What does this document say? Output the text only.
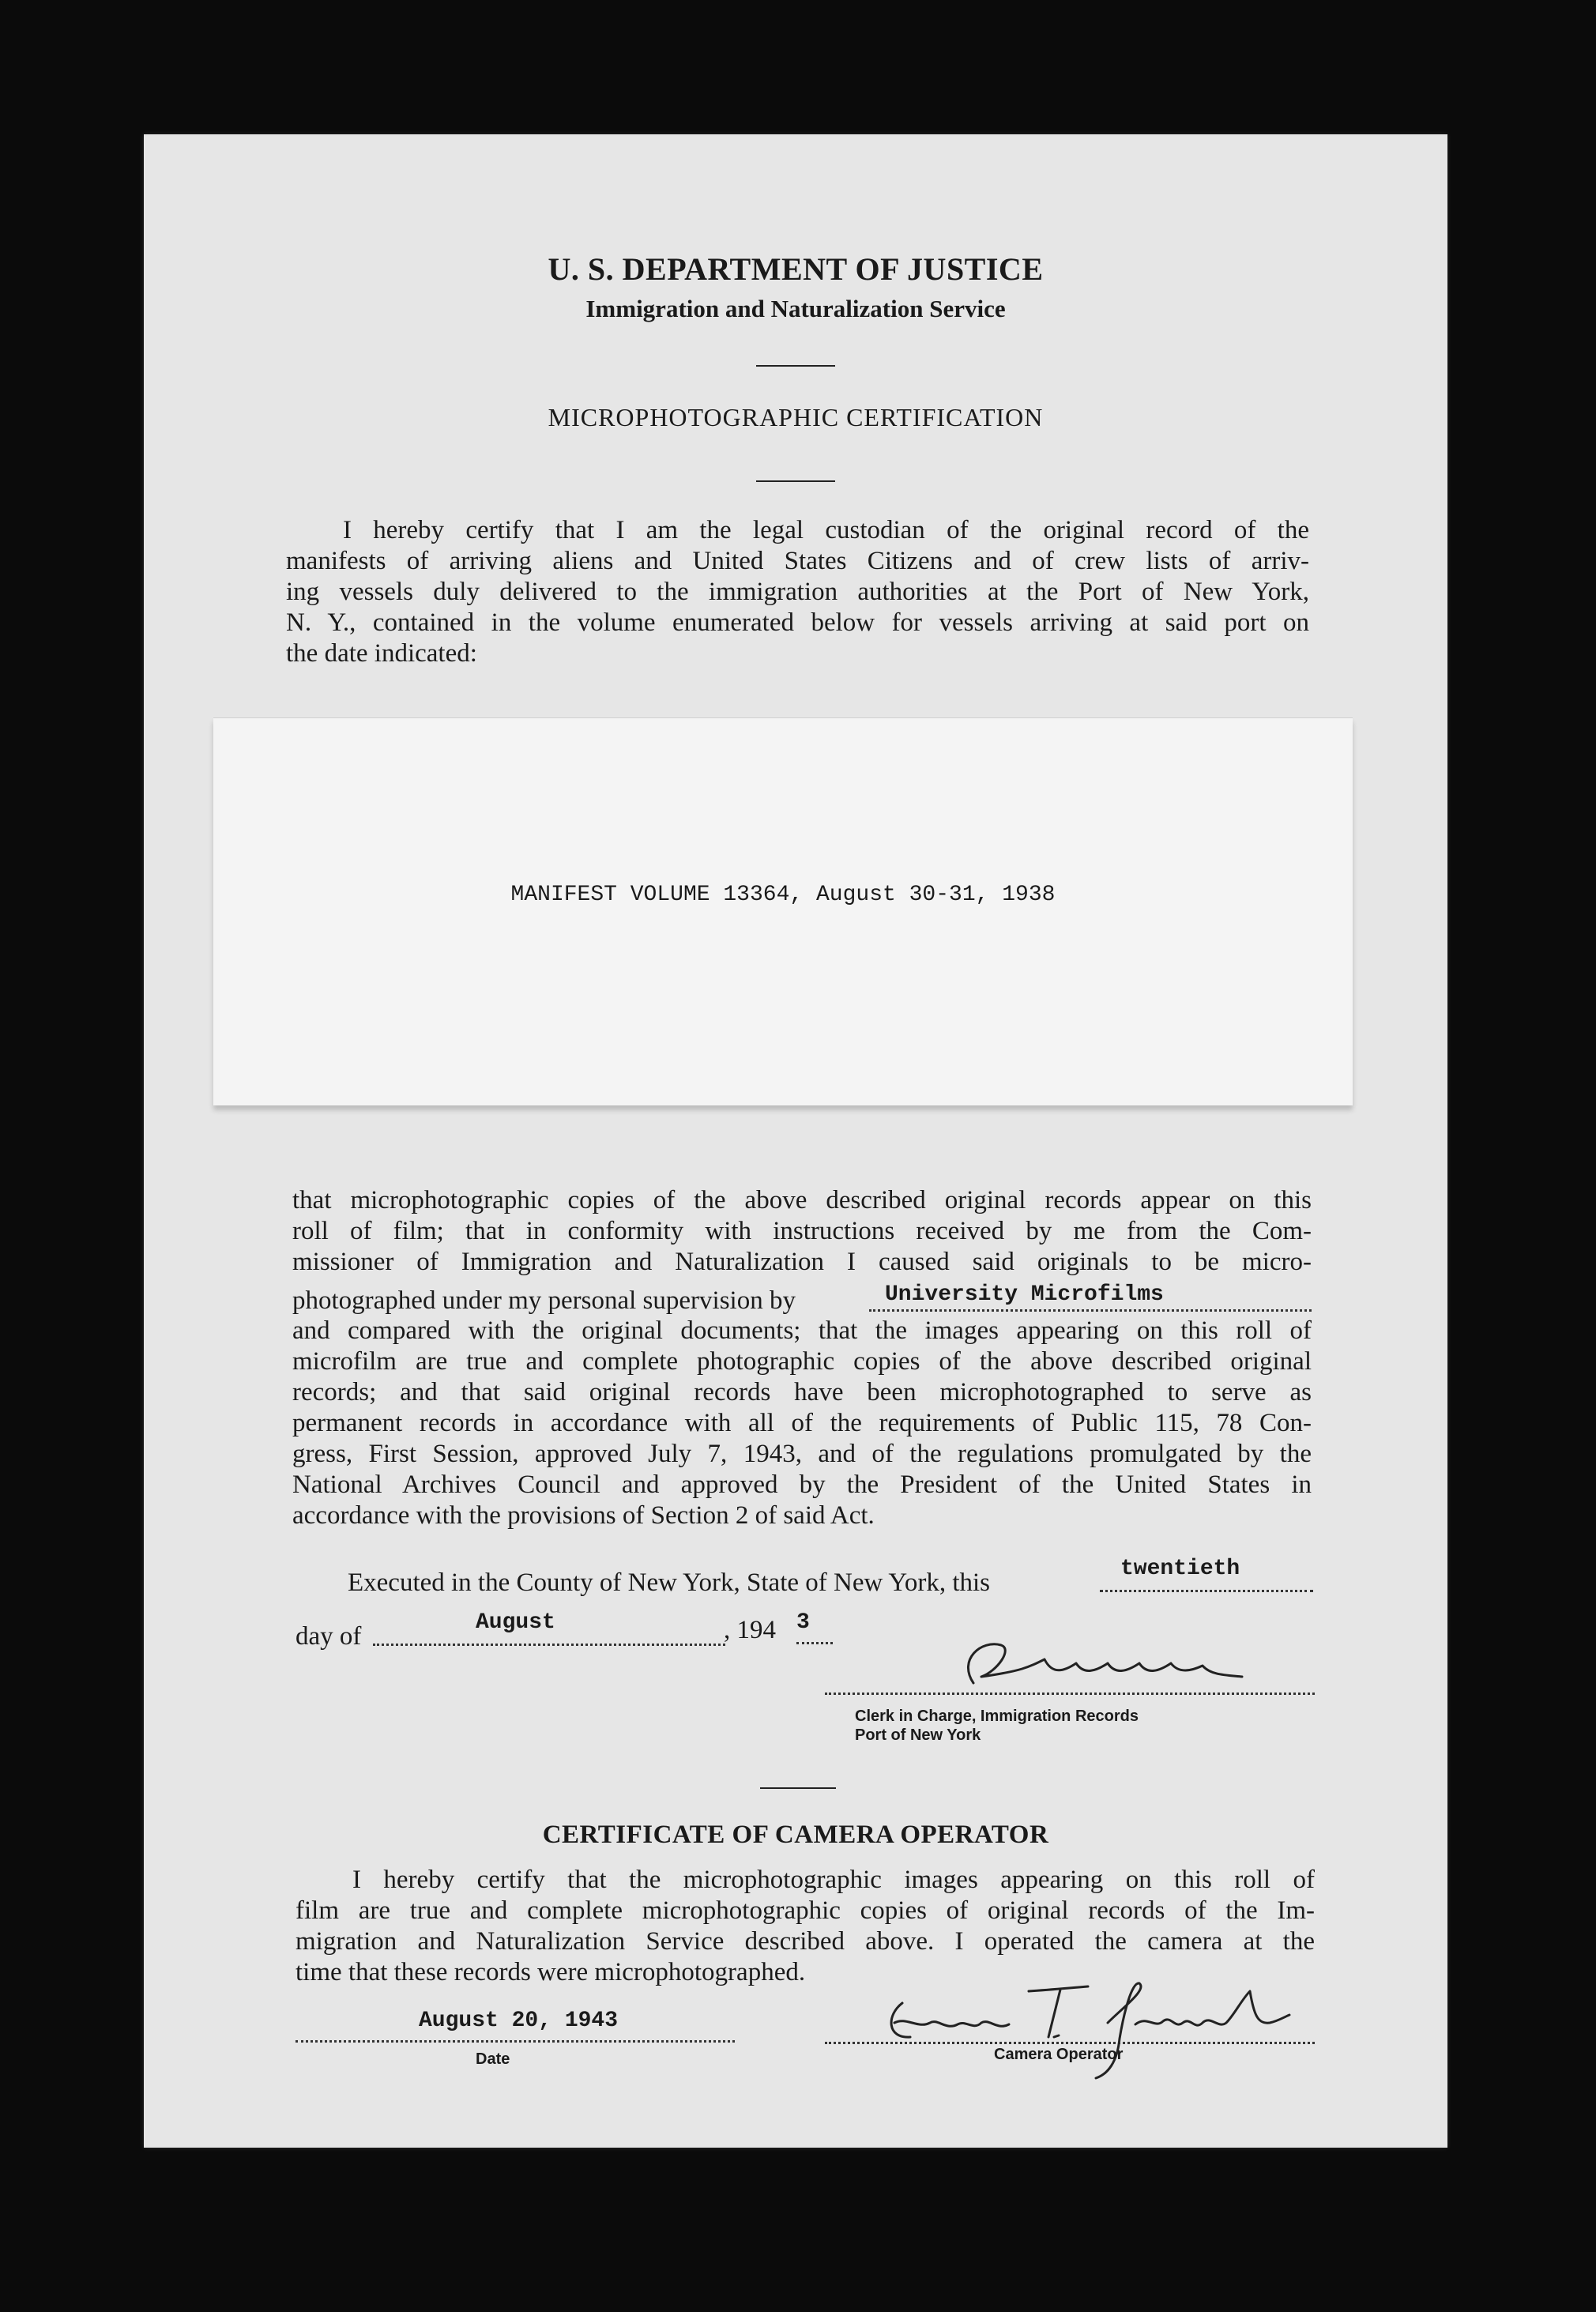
U. S. DEPARTMENT OF JUSTICE
Immigration and Naturalization Service
MICROPHOTOGRAPHIC CERTIFICATION
I hereby certify that I am the legal custodian of the original record of the
manifests of arriving aliens and United States Citizens and of crew lists of arriv-
ing vessels duly delivered to the immigration authorities at the Port of New York,
N. Y., contained in the volume enumerated below for vessels arriving at said port on
the date indicated:
MANIFEST VOLUME 13364, August 30-31, 1938
that microphotographic copies of the above described original records appear on this
roll of film; that in conformity with instructions received by me from the Com-
missioner of Immigration and Naturalization I caused said originals to be micro-
photographed under my personal supervision by	University Microfilms
and compared with the original documents; that the images appearing on this roll of
microfilm are true and complete photographic copies of the above described original
records; and that said original records have been microphotographed to serve as
permanent records in accordance with all of the requirements of Public 115, 78 Con-
gress, First Session, approved July 7, 1943, and of the regulations promulgated by the
National Archives Council and approved by the President of the United States in
accordance with the provisions of Section 2 of said Act.
Executed in the County of New York, State of New York, this	twentieth
day of	August	, 194 3
Clerk in Charge, Immigration Records
Port of New York
CERTIFICATE OF CAMERA OPERATOR
I hereby certify that the microphotographic images appearing on this roll of
film are true and complete microphotographic copies of original records of the Im-
migration and Naturalization Service described above. I operated the camera at the
time that these records were microphotographed.
August 20, 1943
Date	Camera Operator
